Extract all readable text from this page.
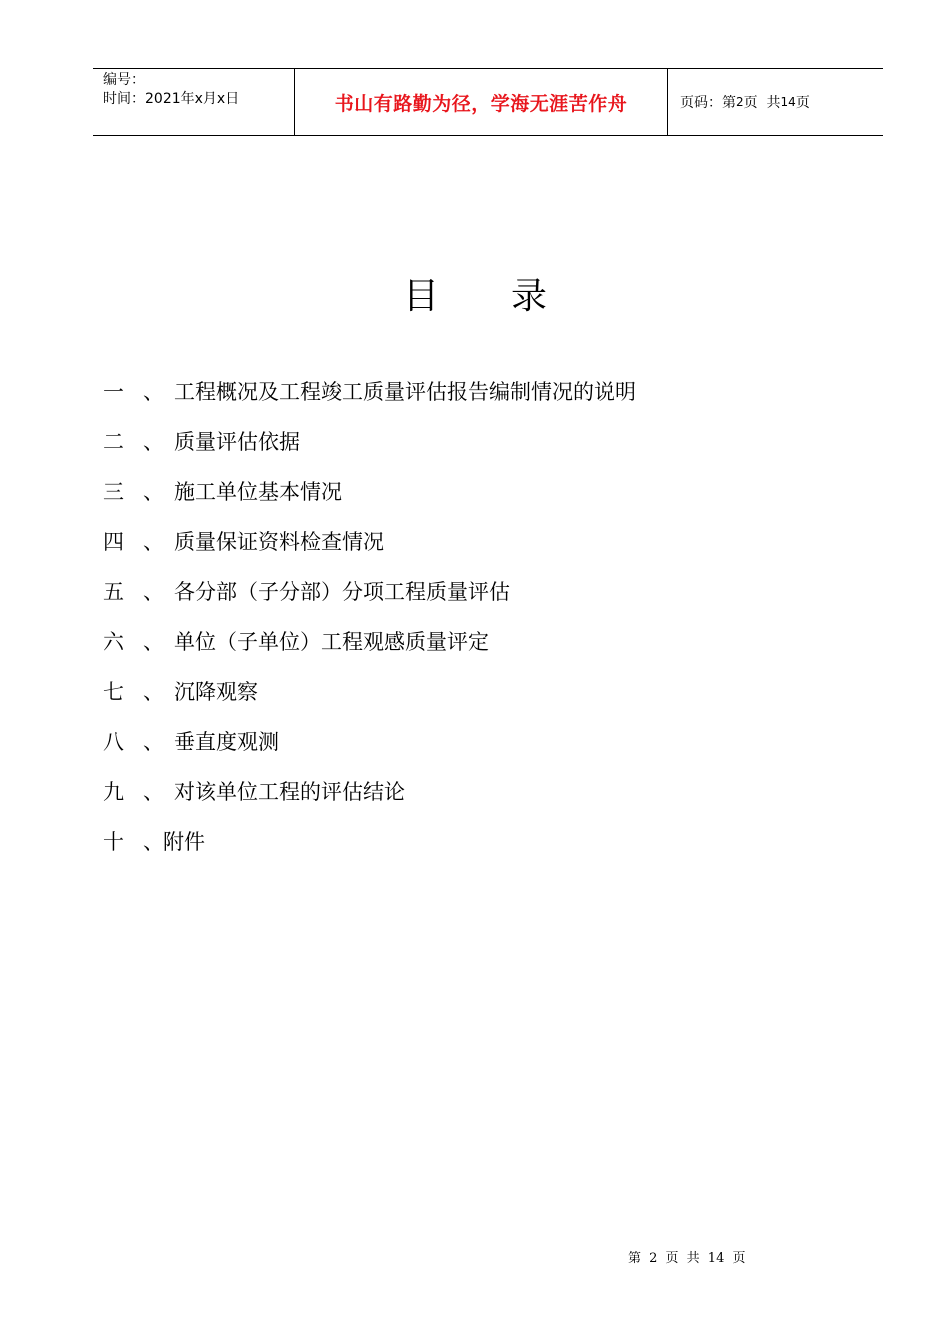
编号：
时间：2021年x月x日	书山有路勤为径，学海无涯苦作舟	页码：第 2 页  共 14 页
目 录
一 、 工程概况及工程竣工质量评估报告编制情况的说明
二 、 质量评估依据
三 、 施工单位基本情况
四 、 质量保证资料检查情况
五 、 各分部（子分部）分项工程质量评估
六 、 单位（子单位）工程观感质量评定
七 、 沉降观察
八 、 垂直度观测
九 、 对该单位工程的评估结论
十 、 附件
第 2 页 共 14 页
